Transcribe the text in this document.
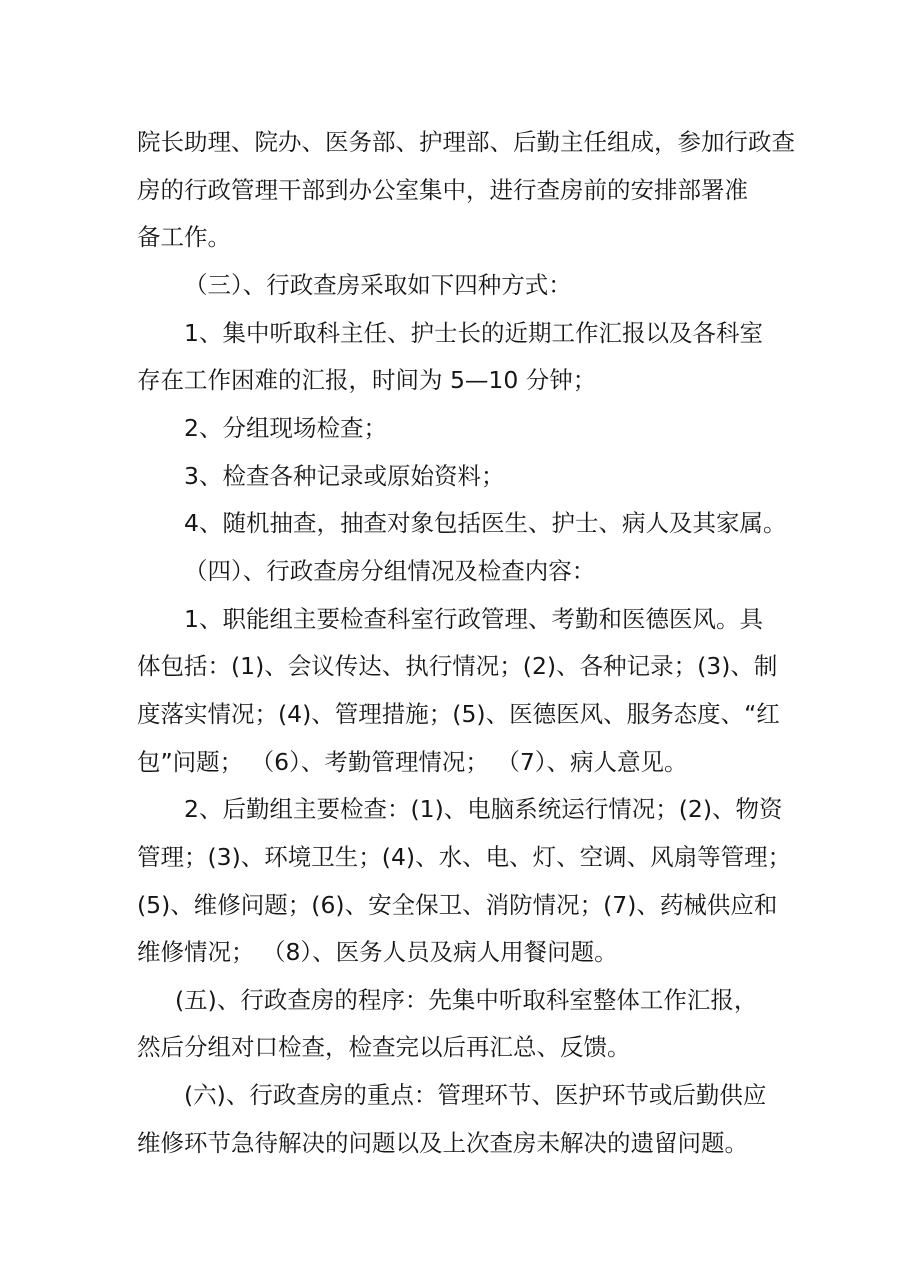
院长助理、院办、医务部、护理部、后勤主任组成，参加行政查
房的行政管理干部到办公室集中，进行查房前的安排部署准
备工作。
（三）、行政查房采取如下四种方式：
1、集中听取科主任、护士长的近期工作汇报以及各科室
存在工作困难的汇报，时间为 5—10 分钟；
2、分组现场检查；
3、检查各种记录或原始资料；
4、随机抽查，抽查对象包括医生、护士、病人及其家属。
（四）、行政查房分组情况及检查内容：
1、职能组主要检查科室行政管理、考勤和医德医风。具
体包括：(1)、会议传达、执行情况；(2)、各种记录；(3)、制
度落实情况；(4)、管理措施；(5)、医德医风、服务态度、“红
包”问题； （6）、考勤管理情况； （7）、病人意见。
2、后勤组主要检查：(1)、电脑系统运行情况；(2)、物资
管理；(3)、环境卫生；(4)、水、电、灯、空调、风扇等管理；
(5)、维修问题；(6)、安全保卫、消防情况；(7)、药械供应和
维修情况； （8）、医务人员及病人用餐问题。
(五)、行政查房的程序：先集中听取科室整体工作汇报，
然后分组对口检查，检查完以后再汇总、反馈。
(六)、行政查房的重点：管理环节、医护环节或后勤供应
维修环节急待解决的问题以及上次查房未解决的遗留问题。
